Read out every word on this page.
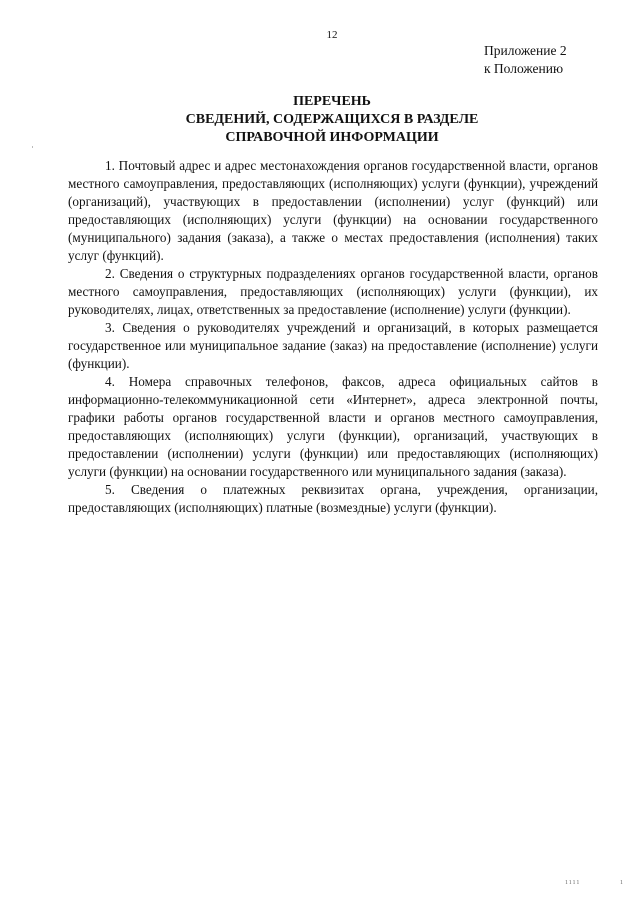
12
Приложение 2
к Положению
ПЕРЕЧЕНЬ
СВЕДЕНИЙ, СОДЕРЖАЩИХСЯ В РАЗДЕЛЕ
СПРАВОЧНОЙ ИНФОРМАЦИИ

1. Почтовый адрес и адрес местонахождения органов государственной власти, органов местного самоуправления, предоставляющих (исполняющих) услуги (функции), учреждений (организаций), участвующих в предоставлении (исполнении) услуг (функций) или предоставляющих (исполняющих) услуги (функции) на основании государственного (муниципального) задания (заказа), а также о местах предоставления (исполнения) таких услуг (функций).

2. Сведения о структурных подразделениях органов государственной власти, органов местного самоуправления, предоставляющих (исполняющих) услуги (функции), их руководителях, лицах, ответственных за предоставление (исполнение) услуги (функции).

3. Сведения о руководителях учреждений и организаций, в которых размещается государственное или муниципальное задание (заказ) на предоставление (исполнение) услуги (функции).

4. Номера справочных телефонов, факсов, адреса официальных сайтов в информационно-телекоммуникационной сети «Интернет», адреса электронной почты, графики работы органов государственной власти и органов местного самоуправления, предоставляющих (исполняющих) услуги (функции), организаций, участвующих в предоставлении (исполнении) услуги (функции) или предоставляющих (исполняющих) услуги (функции) на основании государственного или муниципального задания (заказа).

5. Сведения о платежных реквизитах органа, учреждения, организации, предоставляющих (исполняющих) платные (возмездные) услуги (функции).

1111	1
